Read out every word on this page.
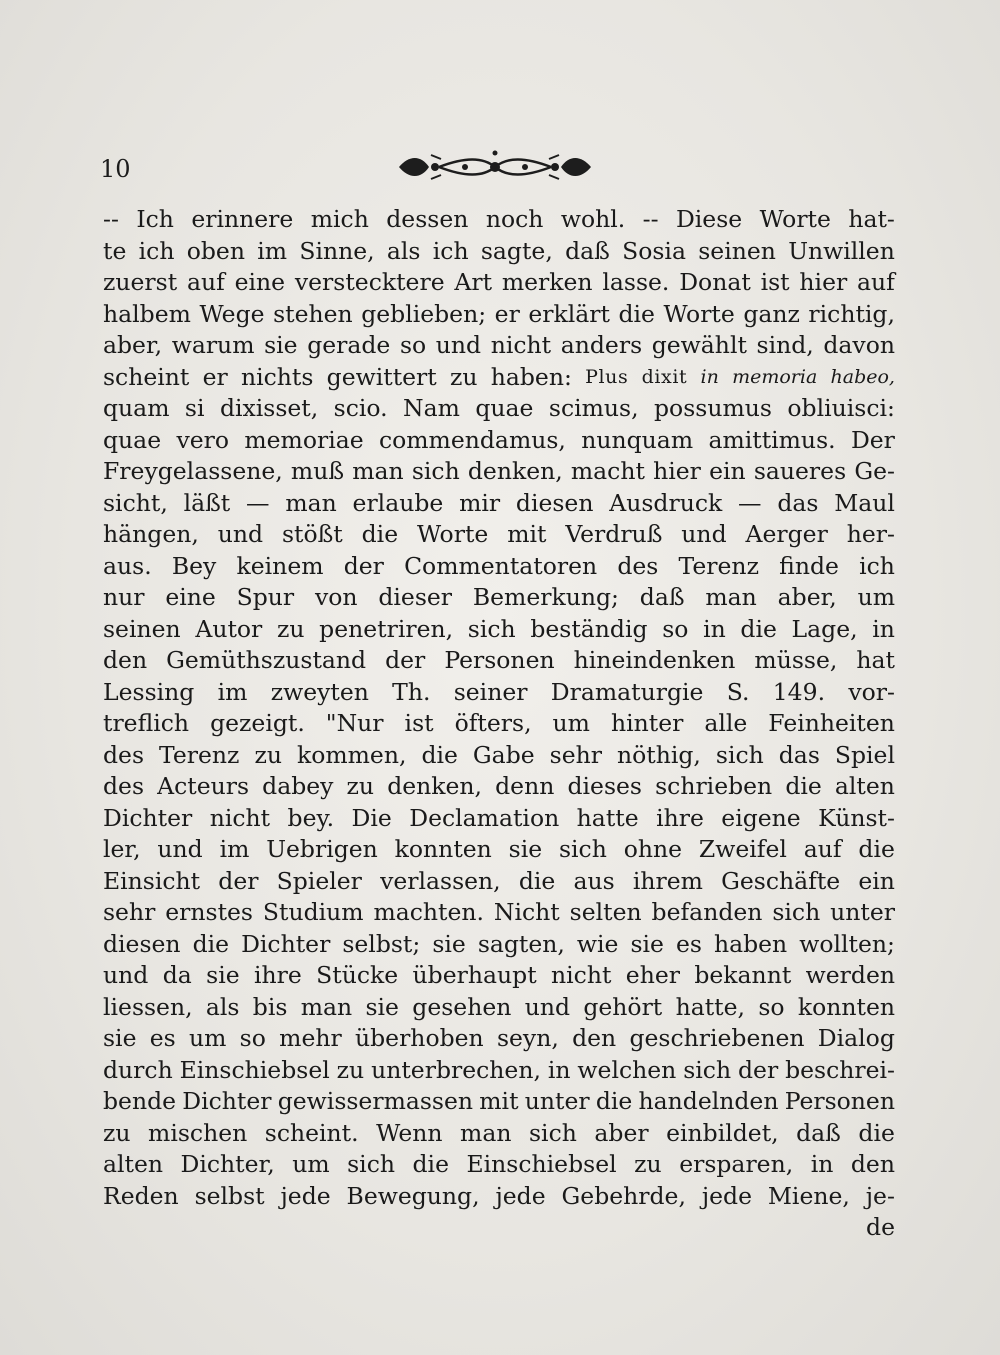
10
-- Ich erinnere mich dessen noch wohl. -- Diese Worte hat-
te ich oben im Sinne, als ich sagte, daß Sosia seinen Unwillen
zuerst auf eine verstecktere Art merken lasse. Donat ist hier auf
halbem Wege stehen geblieben; er erklärt die Worte ganz richtig,
aber, warum sie gerade so und nicht anders gewählt sind, davon
scheint er nichts gewittert zu haben: Plus dixit in memoria habeo,
quam si dixisset, scio. Nam quae scimus, possumus obliuisci:
quae vero memoriae commendamus, nunquam amittimus. Der
Freygelassene, muß man sich denken, macht hier ein saueres Ge-
sicht, läßt — man erlaube mir diesen Ausdruck — das Maul
hängen, und stößt die Worte mit Verdruß und Aerger her-
aus. Bey keinem der Commentatoren des Terenz finde ich
nur eine Spur von dieser Bemerkung; daß man aber, um
seinen Autor zu penetriren, sich beständig so in die Lage, in
den Gemüthszustand der Personen hineindenken müsse, hat
Lessing im zweyten Th. seiner Dramaturgie S. 149. vor-
treflich gezeigt. "Nur ist öfters, um hinter alle Feinheiten
des Terenz zu kommen, die Gabe sehr nöthig, sich das Spiel
des Acteurs dabey zu denken, denn dieses schrieben die alten
Dichter nicht bey. Die Declamation hatte ihre eigene Künst-
ler, und im Uebrigen konnten sie sich ohne Zweifel auf die
Einsicht der Spieler verlassen, die aus ihrem Geschäfte ein
sehr ernstes Studium machten. Nicht selten befanden sich unter
diesen die Dichter selbst; sie sagten, wie sie es haben wollten;
und da sie ihre Stücke überhaupt nicht eher bekannt werden
liessen, als bis man sie gesehen und gehört hatte, so konnten
sie es um so mehr überhoben seyn, den geschriebenen Dialog
durch Einschiebsel zu unterbrechen, in welchen sich der beschrei-
bende Dichter gewissermassen mit unter die handelnden Personen
zu mischen scheint. Wenn man sich aber einbildet, daß die
alten Dichter, um sich die Einschiebsel zu ersparen, in den
Reden selbst jede Bewegung, jede Gebehrde, jede Miene, je-
de
